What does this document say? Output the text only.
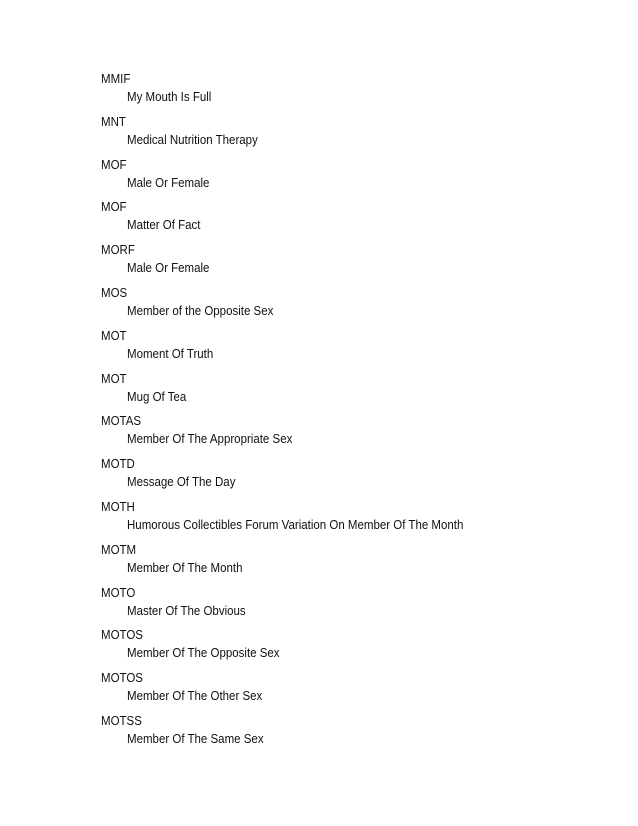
MMIF
My Mouth Is Full
MNT
Medical Nutrition Therapy
MOF
Male Or Female
MOF
Matter Of Fact
MORF
Male Or Female
MOS
Member of the Opposite Sex
MOT
Moment Of Truth
MOT
Mug Of Tea
MOTAS
Member Of The Appropriate Sex
MOTD
Message Of The Day
MOTH
Humorous Collectibles Forum Variation On Member Of The Month
MOTM
Member Of The Month
MOTO
Master Of The Obvious
MOTOS
Member Of The Opposite Sex
MOTOS
Member Of The Other Sex
MOTSS
Member Of The Same Sex
